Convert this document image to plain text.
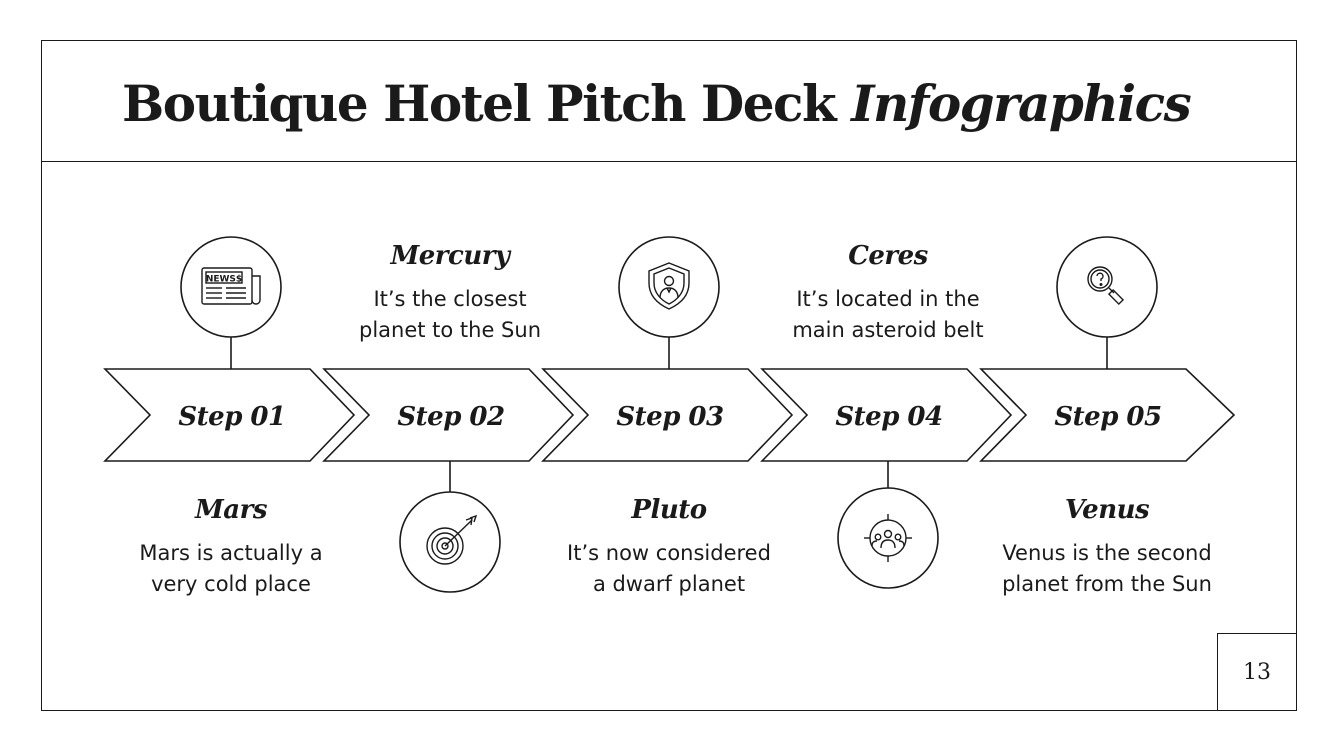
Boutique Hotel Pitch Deck Infographics
NEWS$
Step 01	Step 02	Step 03	Step 04	Step 05
Mars
Mars is actually a
very cold place
Mercury
It’s the closest
planet to the Sun
Pluto
It’s now considered
a dwarf planet
Ceres
It’s located in the
main asteroid belt
Venus
Venus is the second
planet from the Sun
13
